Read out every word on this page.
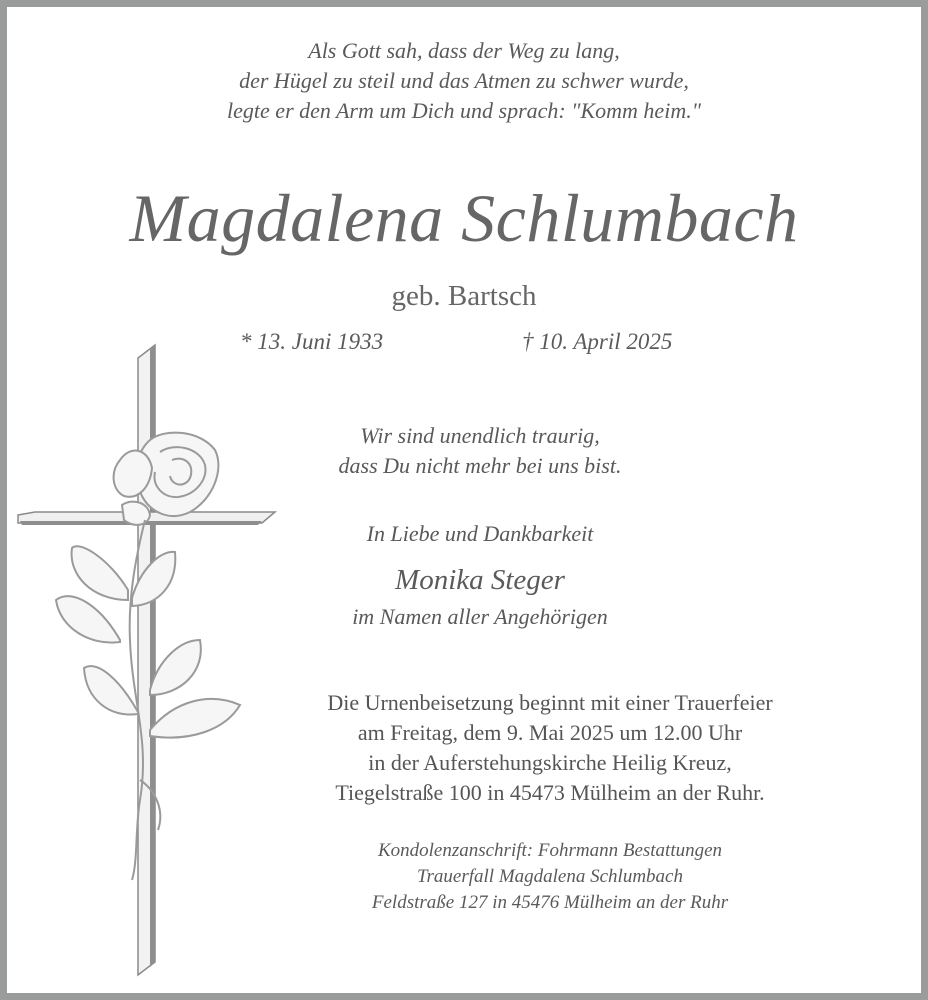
Als Gott sah, dass der Weg zu lang,
der Hügel zu steil und das Atmen zu schwer wurde,
legte er den Arm um Dich und sprach: "Komm heim."
Magdalena Schlumbach
geb. Bartsch
* 13. Juni 1933	† 10. April 2025
Wir sind unendlich traurig,
dass Du nicht mehr bei uns bist.
In Liebe und Dankbarkeit
Monika Steger
im Namen aller Angehörigen
Die Urnenbeisetzung beginnt mit einer Trauerfeier
am Freitag, dem 9. Mai 2025 um 12.00 Uhr
in der Auferstehungskirche Heilig Kreuz,
Tiegelstraße 100 in 45473 Mülheim an der Ruhr.
Kondolenzanschrift: Fohrmann Bestattungen
Trauerfall Magdalena Schlumbach
Feldstraße 127 in 45476 Mülheim an der Ruhr
